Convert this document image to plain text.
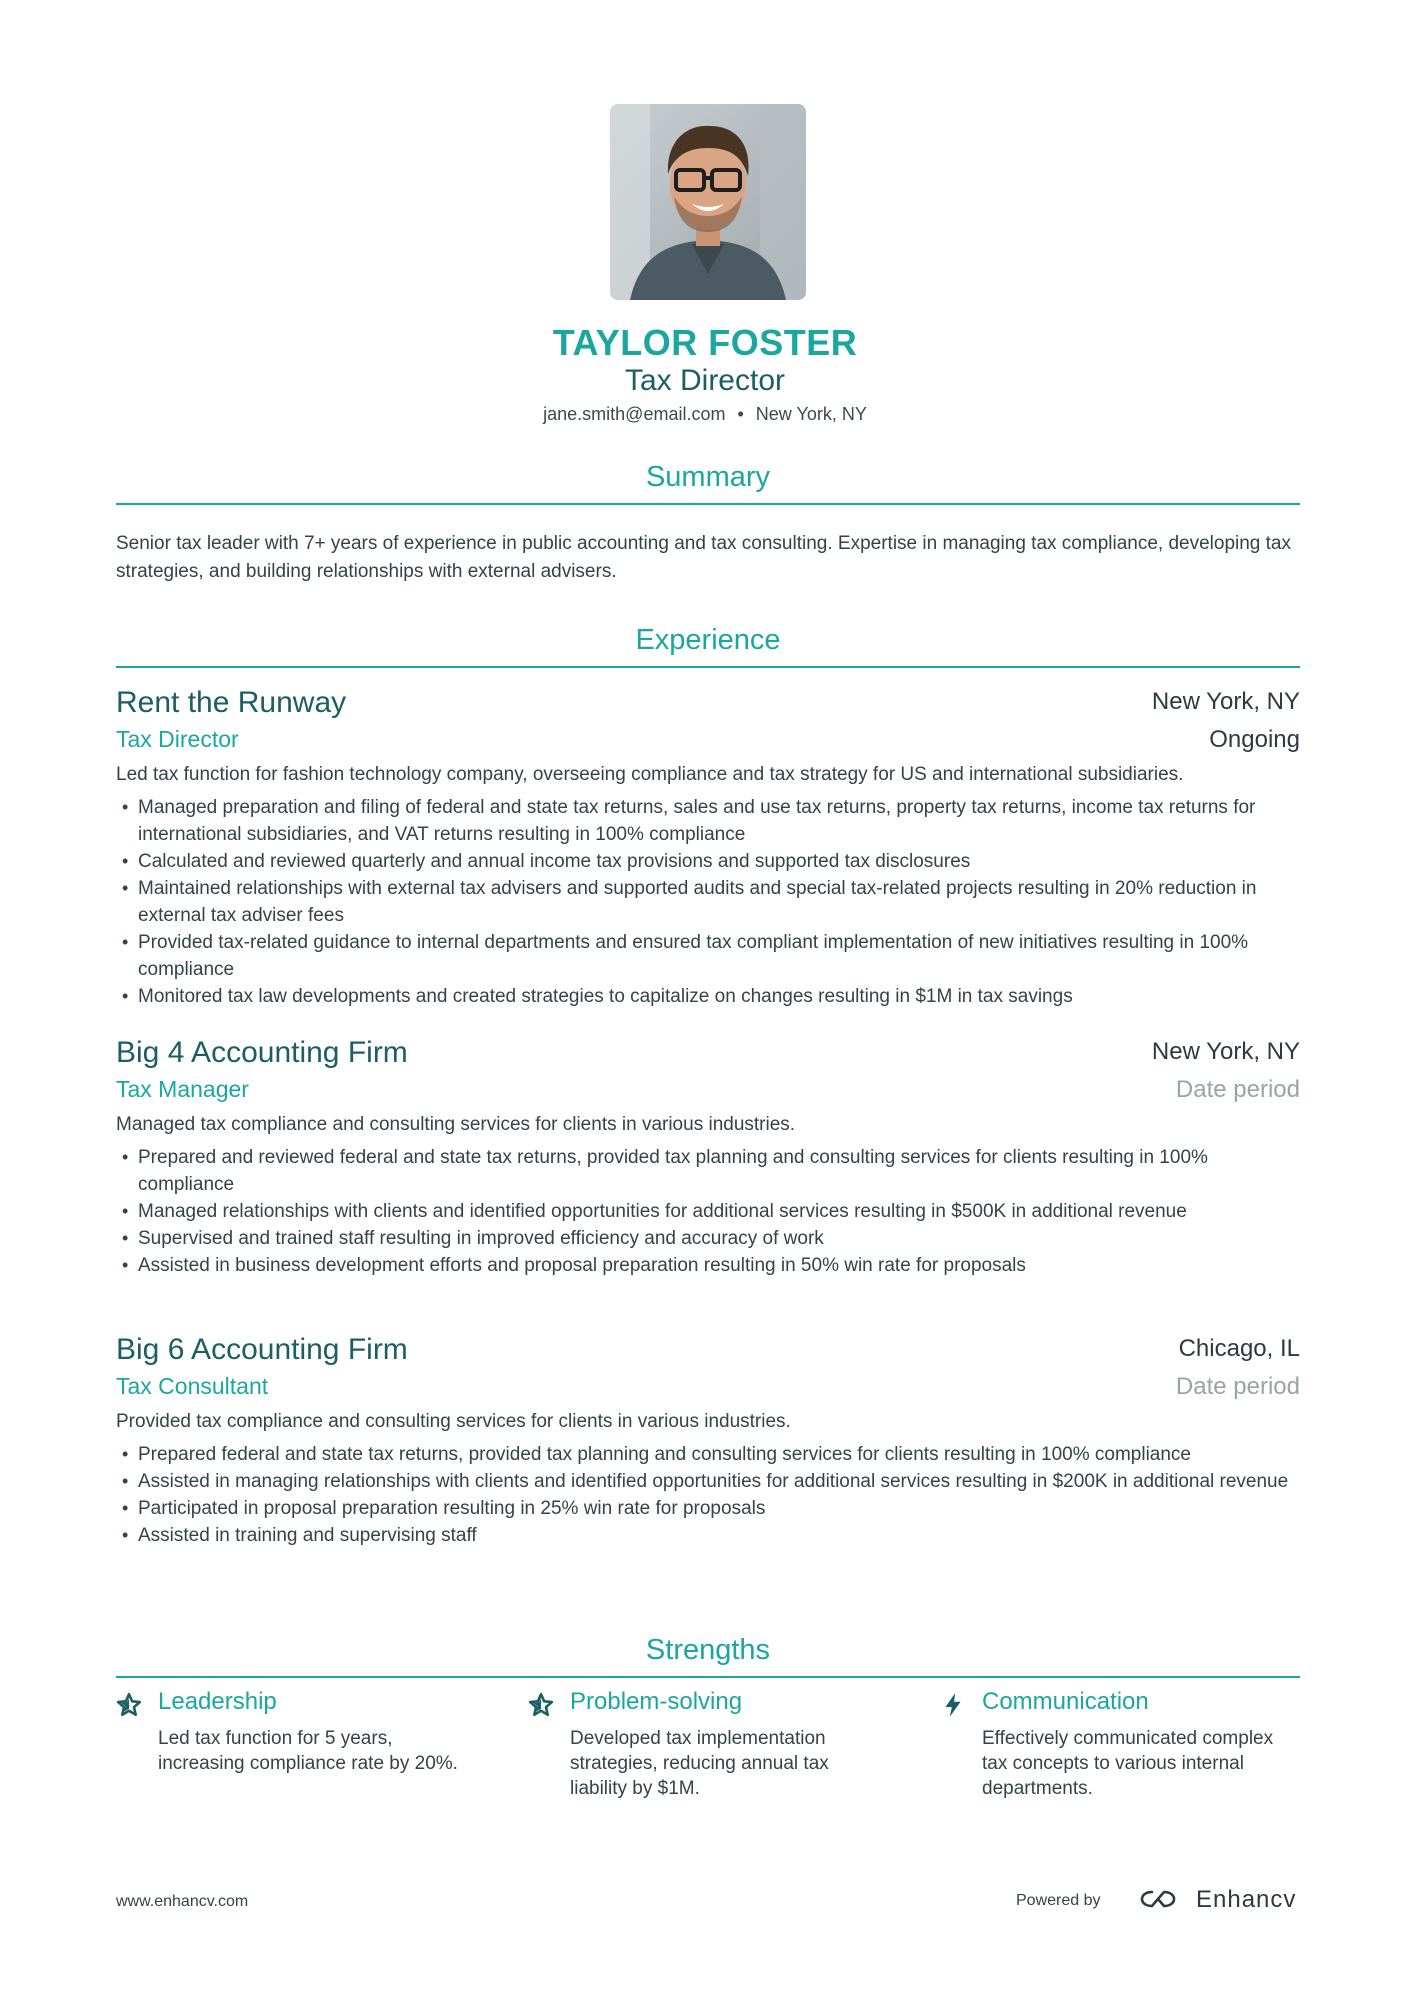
TAYLOR FOSTER
Tax Director
jane.smith@email.com • New York, NY
Summary
Senior tax leader with 7+ years of experience in public accounting and tax consulting. Expertise in managing tax compliance, developing tax strategies, and building relationships with external advisers.
Experience
Rent the Runway	New York, NY
Tax Director	Ongoing
Led tax function for fashion technology company, overseeing compliance and tax strategy for US and international subsidiaries.
• Managed preparation and filing of federal and state tax returns, sales and use tax returns, property tax returns, income tax returns for international subsidiaries, and VAT returns resulting in 100% compliance
• Calculated and reviewed quarterly and annual income tax provisions and supported tax disclosures
• Maintained relationships with external tax advisers and supported audits and special tax-related projects resulting in 20% reduction in external tax adviser fees
• Provided tax-related guidance to internal departments and ensured tax compliant implementation of new initiatives resulting in 100% compliance
• Monitored tax law developments and created strategies to capitalize on changes resulting in $1M in tax savings
Big 4 Accounting Firm	New York, NY
Tax Manager	Date period
Managed tax compliance and consulting services for clients in various industries.
• Prepared and reviewed federal and state tax returns, provided tax planning and consulting services for clients resulting in 100% compliance
• Managed relationships with clients and identified opportunities for additional services resulting in $500K in additional revenue
• Supervised and trained staff resulting in improved efficiency and accuracy of work
• Assisted in business development efforts and proposal preparation resulting in 50% win rate for proposals
Big 6 Accounting Firm	Chicago, IL
Tax Consultant	Date period
Provided tax compliance and consulting services for clients in various industries.
• Prepared federal and state tax returns, provided tax planning and consulting services for clients resulting in 100% compliance
• Assisted in managing relationships with clients and identified opportunities for additional services resulting in $200K in additional revenue
• Participated in proposal preparation resulting in 25% win rate for proposals
• Assisted in training and supervising staff
Strengths
Leadership
Led tax function for 5 years, increasing compliance rate by 20%.
Problem-solving
Developed tax implementation strategies, reducing annual tax liability by $1M.
Communication
Effectively communicated complex tax concepts to various internal departments.
www.enhancv.com	Powered by	Enhancv
